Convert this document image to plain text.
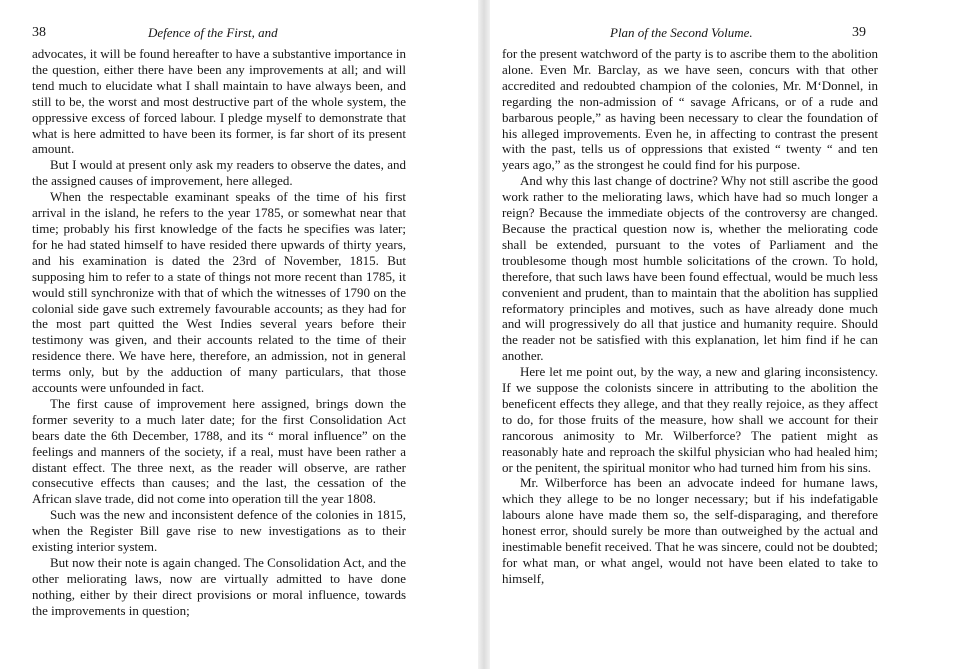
38	Defence of the First, and

advocates, it will be found hereafter to have a substantive importance in the question, either there have been any improvements at all; and will tend much to elucidate what I shall maintain to have always been, and still to be, the worst and most destructive part of the whole system, the oppressive excess of forced labour. I pledge myself to demonstrate that what is here admitted to have been its former, is far short of its present amount.

But I would at present only ask my readers to observe the dates, and the assigned causes of improvement, here alleged.

When the respectable examinant speaks of the time of his first arrival in the island, he refers to the year 1785, or somewhat near that time; probably his first knowledge of the facts he specifies was later; for he had stated himself to have resided there upwards of thirty years, and his examination is dated the 23rd of November, 1815. But supposing him to refer to a state of things not more recent than 1785, it would still synchronize with that of which the witnesses of 1790 on the colonial side gave such extremely favourable accounts; as they had for the most part quitted the West Indies several years before their testimony was given, and their accounts related to the time of their residence there. We have here, therefore, an admission, not in general terms only, but by the adduction of many particulars, that those accounts were unfounded in fact.

The first cause of improvement here assigned, brings down the former severity to a much later date; for the first Consolidation Act bears date the 6th December, 1788, and its “ moral influence” on the feelings and manners of the society, if a real, must have been rather a distant effect. The three next, as the reader will observe, are rather consecutive effects than causes; and the last, the cessation of the African slave trade, did not come into operation till the year 1808.

Such was the new and inconsistent defence of the colonies in 1815, when the Register Bill gave rise to new investigations as to their existing interior system.

But now their note is again changed. The Consolidation Act, and the other meliorating laws, now are virtually admitted to have done nothing, either by their direct provisions or moral influence, towards the improvements in question;

Plan of the Second Volume.	39

for the present watchword of the party is to ascribe them to the abolition alone. Even Mr. Barclay, as we have seen, concurs with that other accredited and redoubted champion of the colonies, Mr. M‘Donnel, in regarding the non-admission of “ savage Africans, or of a rude and barbarous people,” as having been necessary to clear the foundation of his alleged improvements. Even he, in affecting to contrast the present with the past, tells us of oppressions that existed “ twenty “ and ten years ago,” as the strongest he could find for his purpose.

And why this last change of doctrine? Why not still ascribe the good work rather to the meliorating laws, which have had so much longer a reign? Because the immediate objects of the controversy are changed. Because the practical question now is, whether the meliorating code shall be extended, pursuant to the votes of Parliament and the troublesome though most humble solicitations of the crown. To hold, therefore, that such laws have been found effectual, would be much less convenient and prudent, than to maintain that the abolition has supplied reformatory principles and motives, such as have already done much and will progressively do all that justice and humanity require. Should the reader not be satisfied with this explanation, let him find if he can another.

Here let me point out, by the way, a new and glaring inconsistency. If we suppose the colonists sincere in attributing to the abolition the beneficent effects they allege, and that they really rejoice, as they affect to do, for those fruits of the measure, how shall we account for their rancorous animosity to Mr. Wilberforce? The patient might as reasonably hate and reproach the skilful physician who had healed him; or the penitent, the spiritual monitor who had turned him from his sins.

Mr. Wilberforce has been an advocate indeed for humane laws, which they allege to be no longer necessary; but if his indefatigable labours alone have made them so, the self-disparaging, and therefore honest error, should surely be more than outweighed by the actual and inestimable benefit received. That he was sincere, could not be doubted; for what man, or what angel, would not have been elated to take to himself,
